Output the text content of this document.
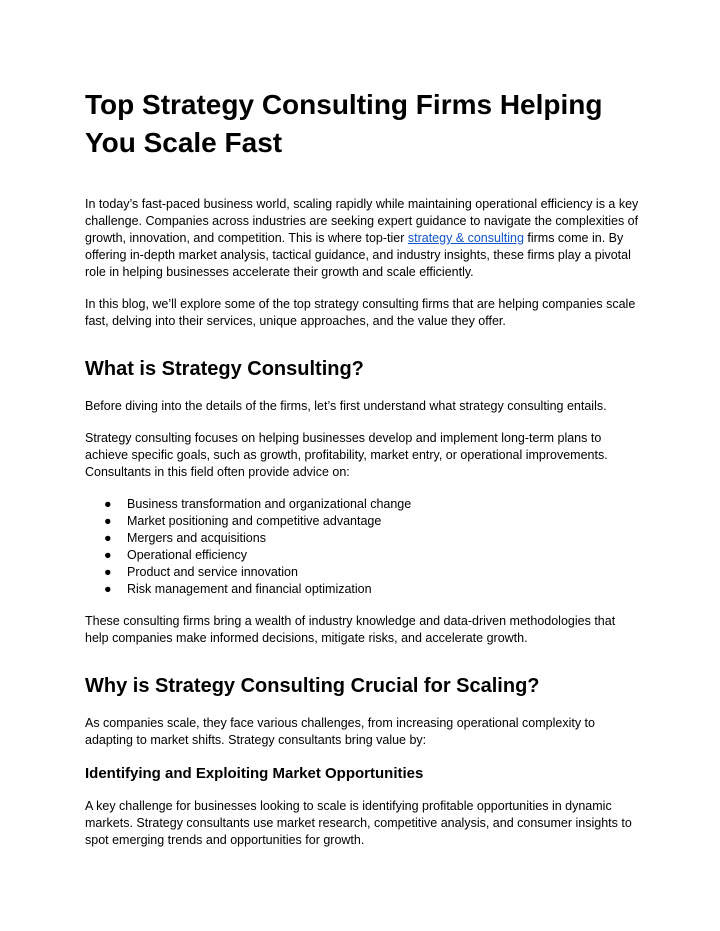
Top Strategy Consulting Firms Helping You Scale Fast

In today’s fast-paced business world, scaling rapidly while maintaining operational efficiency is a key challenge. Companies across industries are seeking expert guidance to navigate the complexities of growth, innovation, and competition. This is where top-tier strategy & consulting firms come in. By offering in-depth market analysis, tactical guidance, and industry insights, these firms play a pivotal role in helping businesses accelerate their growth and scale efficiently.

In this blog, we’ll explore some of the top strategy consulting firms that are helping companies scale fast, delving into their services, unique approaches, and the value they offer.

What is Strategy Consulting?

Before diving into the details of the firms, let’s first understand what strategy consulting entails.

Strategy consulting focuses on helping businesses develop and implement long-term plans to achieve specific goals, such as growth, profitability, market entry, or operational improvements. Consultants in this field often provide advice on:

● Business transformation and organizational change
● Market positioning and competitive advantage
● Mergers and acquisitions
● Operational efficiency
● Product and service innovation
● Risk management and financial optimization

These consulting firms bring a wealth of industry knowledge and data-driven methodologies that help companies make informed decisions, mitigate risks, and accelerate growth.

Why is Strategy Consulting Crucial for Scaling?

As companies scale, they face various challenges, from increasing operational complexity to adapting to market shifts. Strategy consultants bring value by:

Identifying and Exploiting Market Opportunities

A key challenge for businesses looking to scale is identifying profitable opportunities in dynamic markets. Strategy consultants use market research, competitive analysis, and consumer insights to spot emerging trends and opportunities for growth.
